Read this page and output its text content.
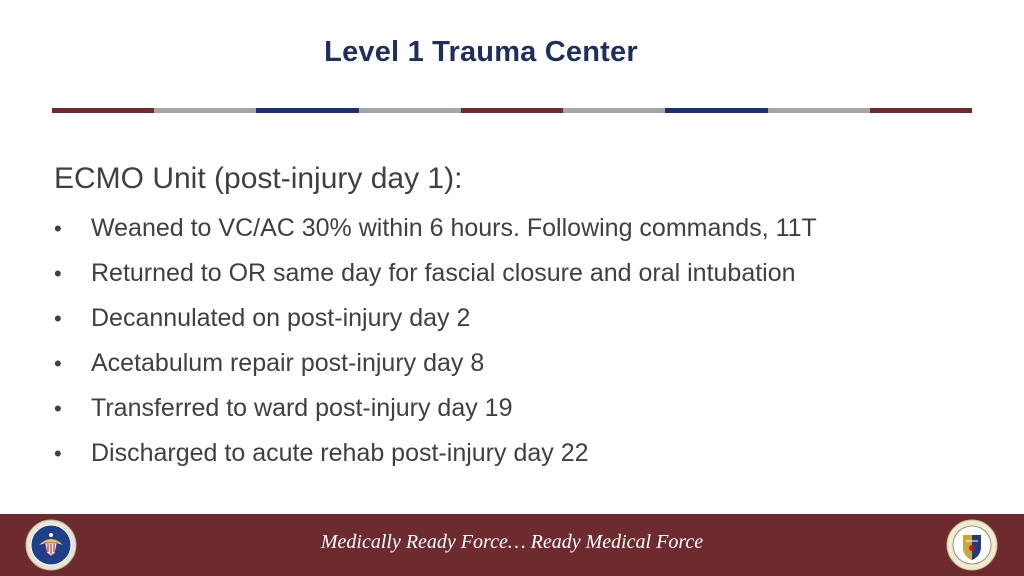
Level 1 Trauma Center
ECMO Unit (post-injury day 1):
• Weaned to VC/AC 30% within 6 hours. Following commands, 11T
• Returned to OR same day for fascial closure and oral intubation
• Decannulated on post-injury day 2
• Acetabulum repair post-injury day 8
• Transferred to ward post-injury day 19
• Discharged to acute rehab post-injury day 22
Medically Ready Force… Ready Medical Force
